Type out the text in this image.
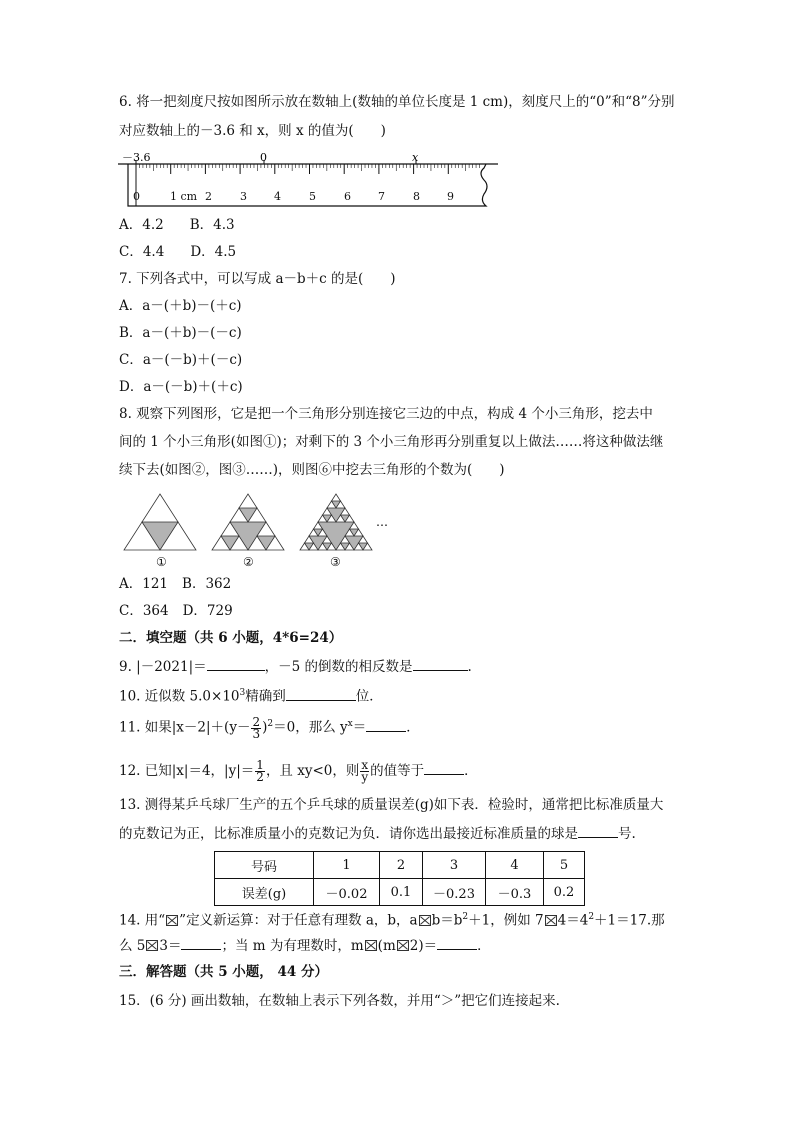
6. 将一把刻度尺按如图所示放在数轴上(数轴的单位长度是 1 cm)，刻度尺上的“0”和“8”分别
对应数轴上的－3.6 和 x，则 x 的值为(　　)
－3.6	0	x
0	1 cm 2	3 4	5	6 7	8 9
A．4.2 B．4.3
C．4.4 D．4.5
7. 下列各式中，可以写成 a－b＋c 的是(　　)
A．a－(＋b)－(＋c)
B．a－(＋b)－(－c)
C．a－(－b)＋(－c)
D．a－(－b)＋(＋c)
8. 观察下列图形，它是把一个三角形分别连接它三边的中点，构成 4 个小三角形，挖去中
间的 1 个小三角形(如图①)；对剩下的 3 个小三角形再分别重复以上做法……将这种做法继
续下去(如图②，图③……)，则图⑥中挖去三角形的个数为(　　)
…
①	②	③
A．121 B．362
C．364 D．729
二．填空题（共 6 小题，4*6=24）
9. |－2021|＝	，－5 的倒数的相反数是	.
10. 近似数 $5.0\times 10^3$精确到	位．
11. 如果$|x-2|+(y- \frac{2}{3} )^2=0$，那么 $y^x=$	．
12. 已知|x|＝4，$|y|= \frac{1}{2}$ ，且 xy<0，则 $\frac{x}{y}$ 的值等于	．
13. 测得某乒乓球厂生产的五个乒乓球的质量误差(g)如下表．检验时，通常把比标准质量大
的克数记为正，比标准质量小的克数记为负．请你选出最接近标准质量的球是	号.
号码	1	2	3	4	5
误差(g)	－0.02	0.1	－0.23	－0.3	0.2
14. 用“ ”定义新运算：对于任意有理数 a，b，a $b=b^2+1$，例如 7 $4=4^2+1=17$.那
么 5 3＝	；当 m 为有理数时，m (m 2)＝	．
三．解答题（共 5 小题， 44 分）
15．(6 分) 画出数轴，在数轴上表示下列各数，并用“＞”把它们连接起来.
